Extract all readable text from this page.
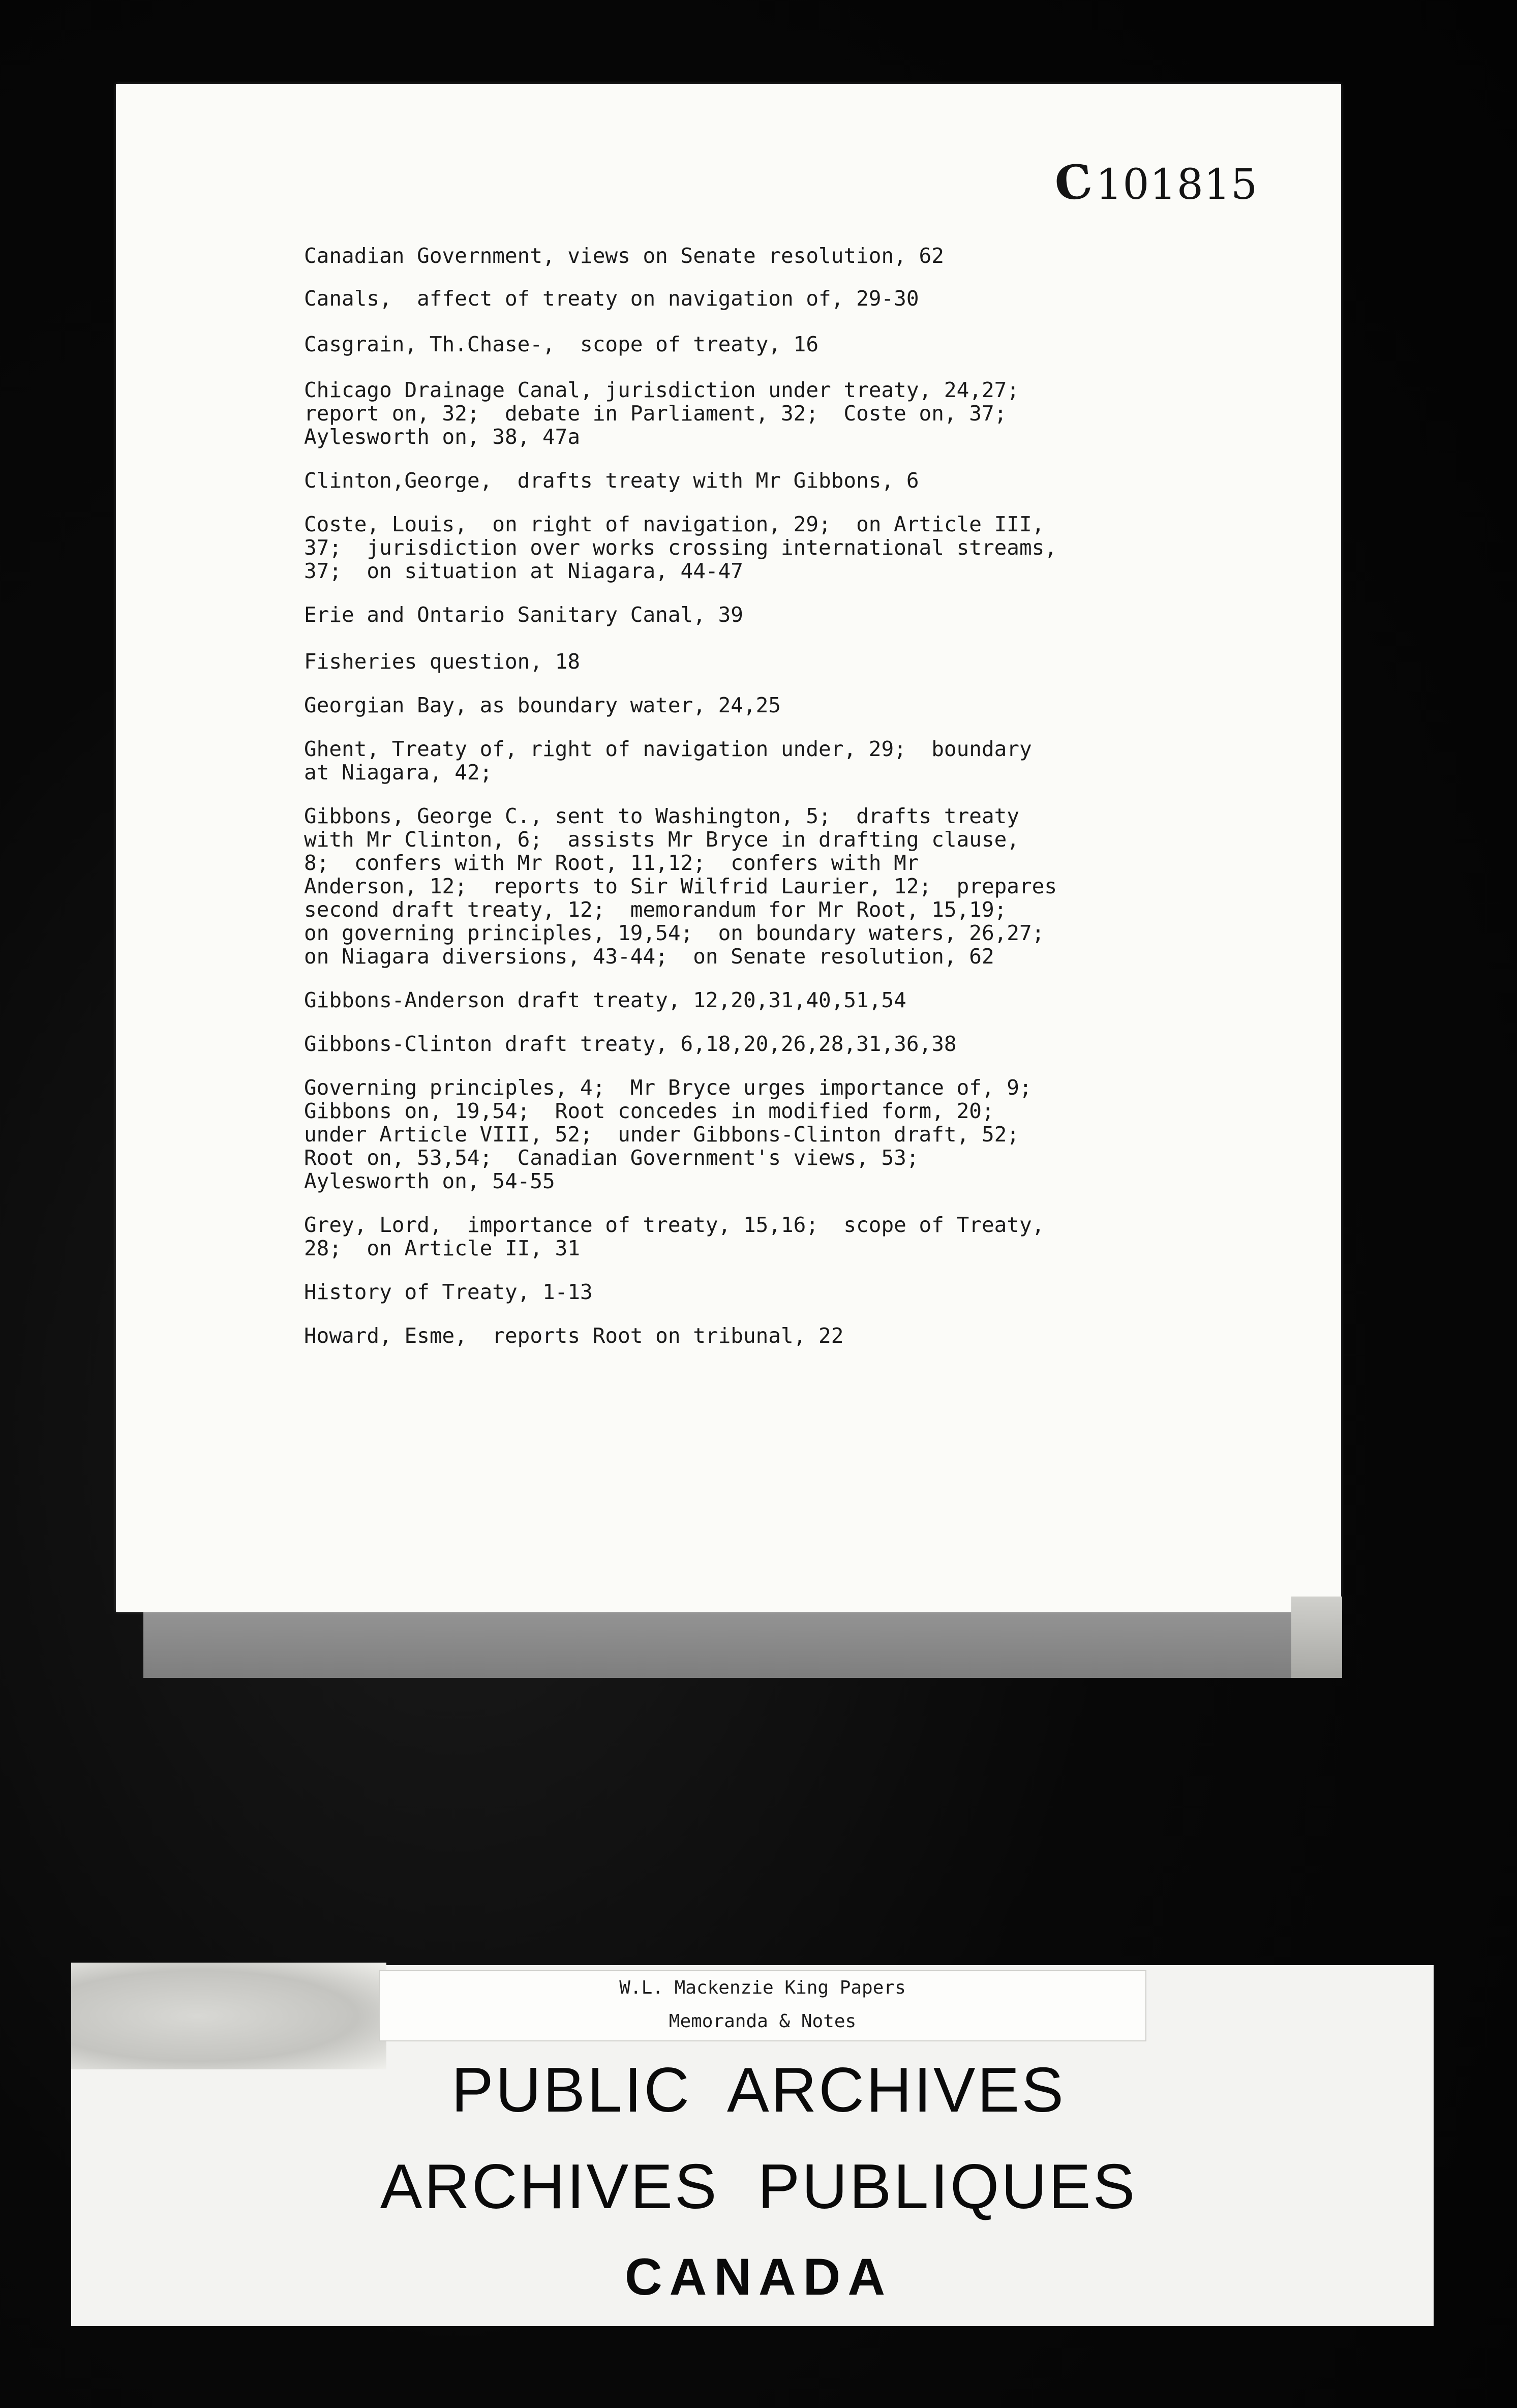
C101815
Canadian Government, views on Senate resolution, 62
Canals,  affect of treaty on navigation of, 29-30
Casgrain, Th.Chase-,  scope of treaty, 16
Chicago Drainage Canal, jurisdiction under treaty, 24,27;
report on, 32;  debate in Parliament, 32;  Coste on, 37;
Aylesworth on, 38, 47a
Clinton,George,  drafts treaty with Mr Gibbons, 6
Coste, Louis,  on right of navigation, 29;  on Article III,
37;  jurisdiction over works crossing international streams,
37;  on situation at Niagara, 44-47
Erie and Ontario Sanitary Canal, 39
Fisheries question, 18
Georgian Bay, as boundary water, 24,25
Ghent, Treaty of, right of navigation under, 29;  boundary
at Niagara, 42;
Gibbons, George C., sent to Washington, 5;  drafts treaty
with Mr Clinton, 6;  assists Mr Bryce in drafting clause,
8;  confers with Mr Root, 11,12;  confers with Mr
Anderson, 12;  reports to Sir Wilfrid Laurier, 12;  prepares
second draft treaty, 12;  memorandum for Mr Root, 15,19;
on governing principles, 19,54;  on boundary waters, 26,27;
on Niagara diversions, 43-44;  on Senate resolution, 62
Gibbons-Anderson draft treaty, 12,20,31,40,51,54
Gibbons-Clinton draft treaty, 6,18,20,26,28,31,36,38
Governing principles, 4;  Mr Bryce urges importance of, 9;
Gibbons on, 19,54;  Root concedes in modified form, 20;
under Article VIII, 52;  under Gibbons-Clinton draft, 52;
Root on, 53,54;  Canadian Government's views, 53;
Aylesworth on, 54-55
Grey, Lord,  importance of treaty, 15,16;  scope of Treaty,
28;  on Article II, 31
History of Treaty, 1-13
Howard, Esme,  reports Root on tribunal, 22
W.L. Mackenzie King Papers
Memoranda & Notes
PUBLIC  ARCHIVES
ARCHIVES  PUBLIQUES
CANADA
